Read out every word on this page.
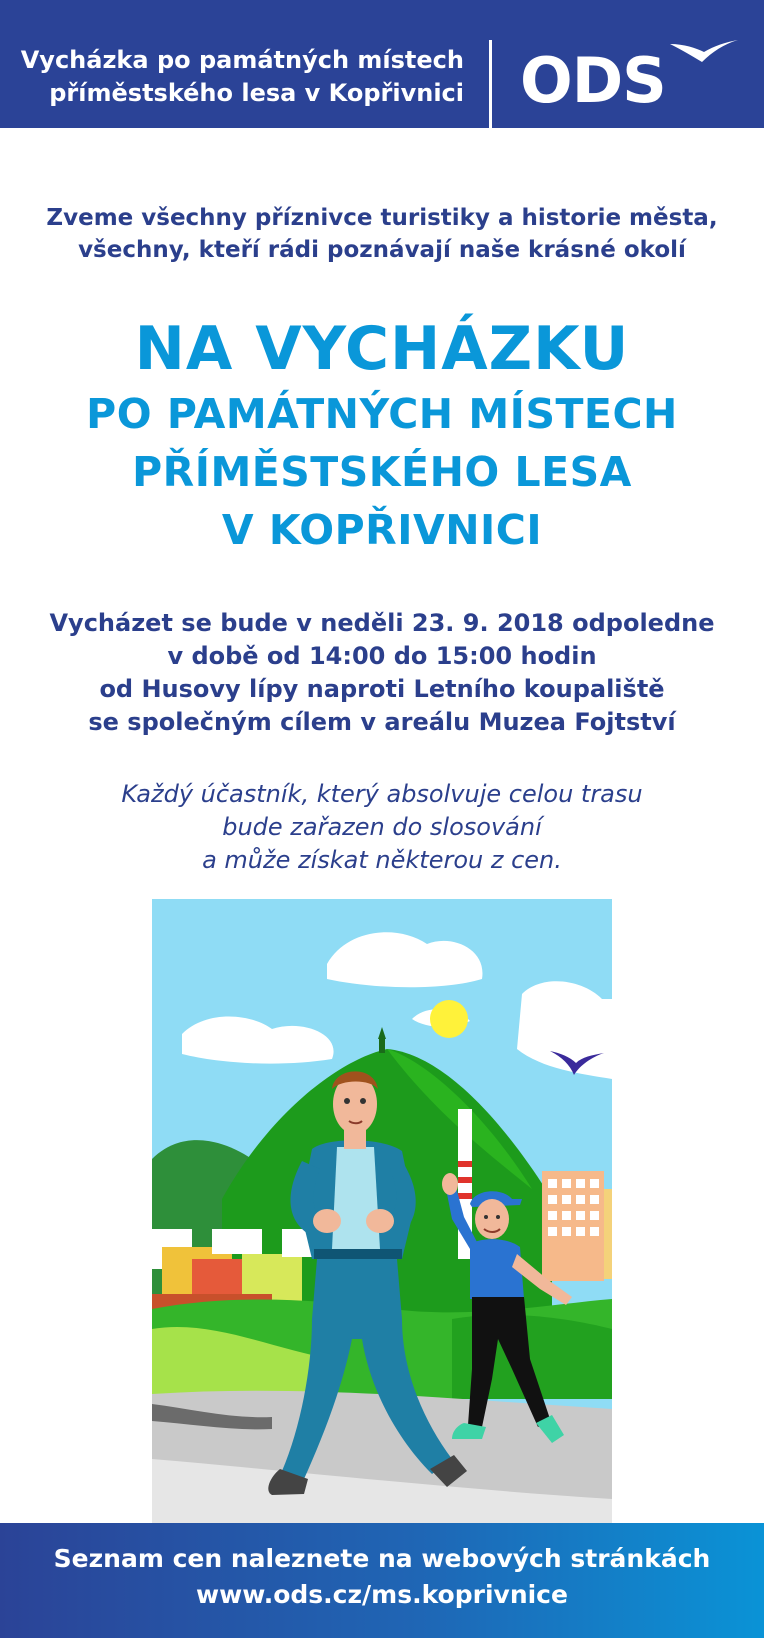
Vycházka po památných místech
příměstského lesa v Kopřivnici ODS
Zveme všechny příznivce turistiky a historie města,
všechny, kteří rádi poznávají naše krásné okolí
NA VYCHÁZKU
PO PAMÁTNÝCH MÍSTECH
PŘÍMĚSTSKÉHO LESA
V KOPŘIVNICI
Vycházet se bude v neděli 23. 9. 2018 odpoledne
v době od 14:00 do 15:00 hodin
od Husovy lípy naproti Letního koupaliště
se společným cílem v areálu Muzea Fojtství
Každý účastník, který absolvuje celou trasu
bude zařazen do slosování
a může získat některou z cen.
Seznam cen naleznete na webových stránkách
www.ods.cz/ms.koprivnice
